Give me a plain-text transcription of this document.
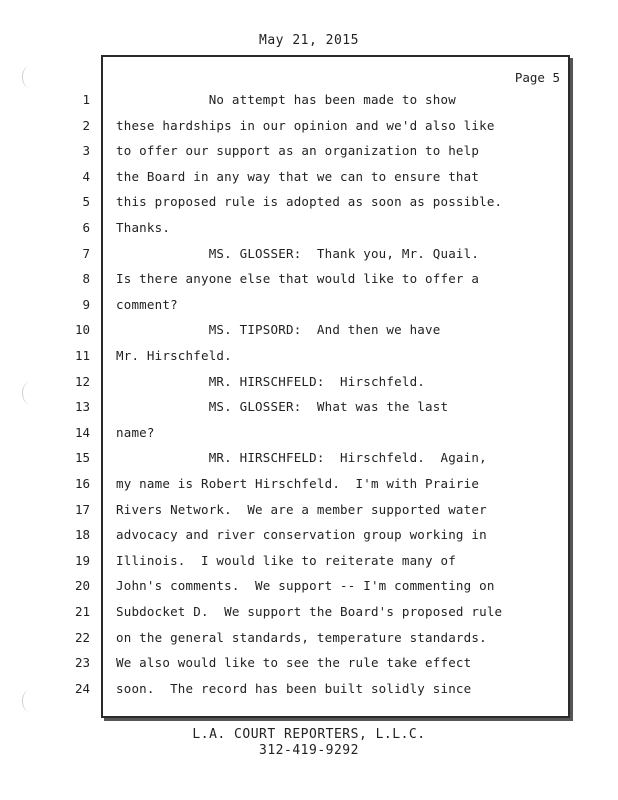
May 21, 2015
Page 5
1 No attempt has been made to show
2 these hardships in our opinion and we'd also like
3 to offer our support as an organization to help
4 the Board in any way that we can to ensure that
5 this proposed rule is adopted as soon as possible.
6 Thanks.
7 MS. GLOSSER:  Thank you, Mr. Quail.
8 Is there anyone else that would like to offer a
9 comment?
10 MS. TIPSORD:  And then we have
11 Mr. Hirschfeld.
12 MR. HIRSCHFELD:  Hirschfeld.
13 MS. GLOSSER:  What was the last
14 name?
15 MR. HIRSCHFELD:  Hirschfeld.  Again,
16 my name is Robert Hirschfeld.  I'm with Prairie
17 Rivers Network.  We are a member supported water
18 advocacy and river conservation group working in
19 Illinois.  I would like to reiterate many of
20 John's comments.  We support -- I'm commenting on
21 Subdocket D.  We support the Board's proposed rule
22 on the general standards, temperature standards.
23 We also would like to see the rule take effect
24 soon.  The record has been built solidly since
L.A. COURT REPORTERS, L.L.C.
312-419-9292
